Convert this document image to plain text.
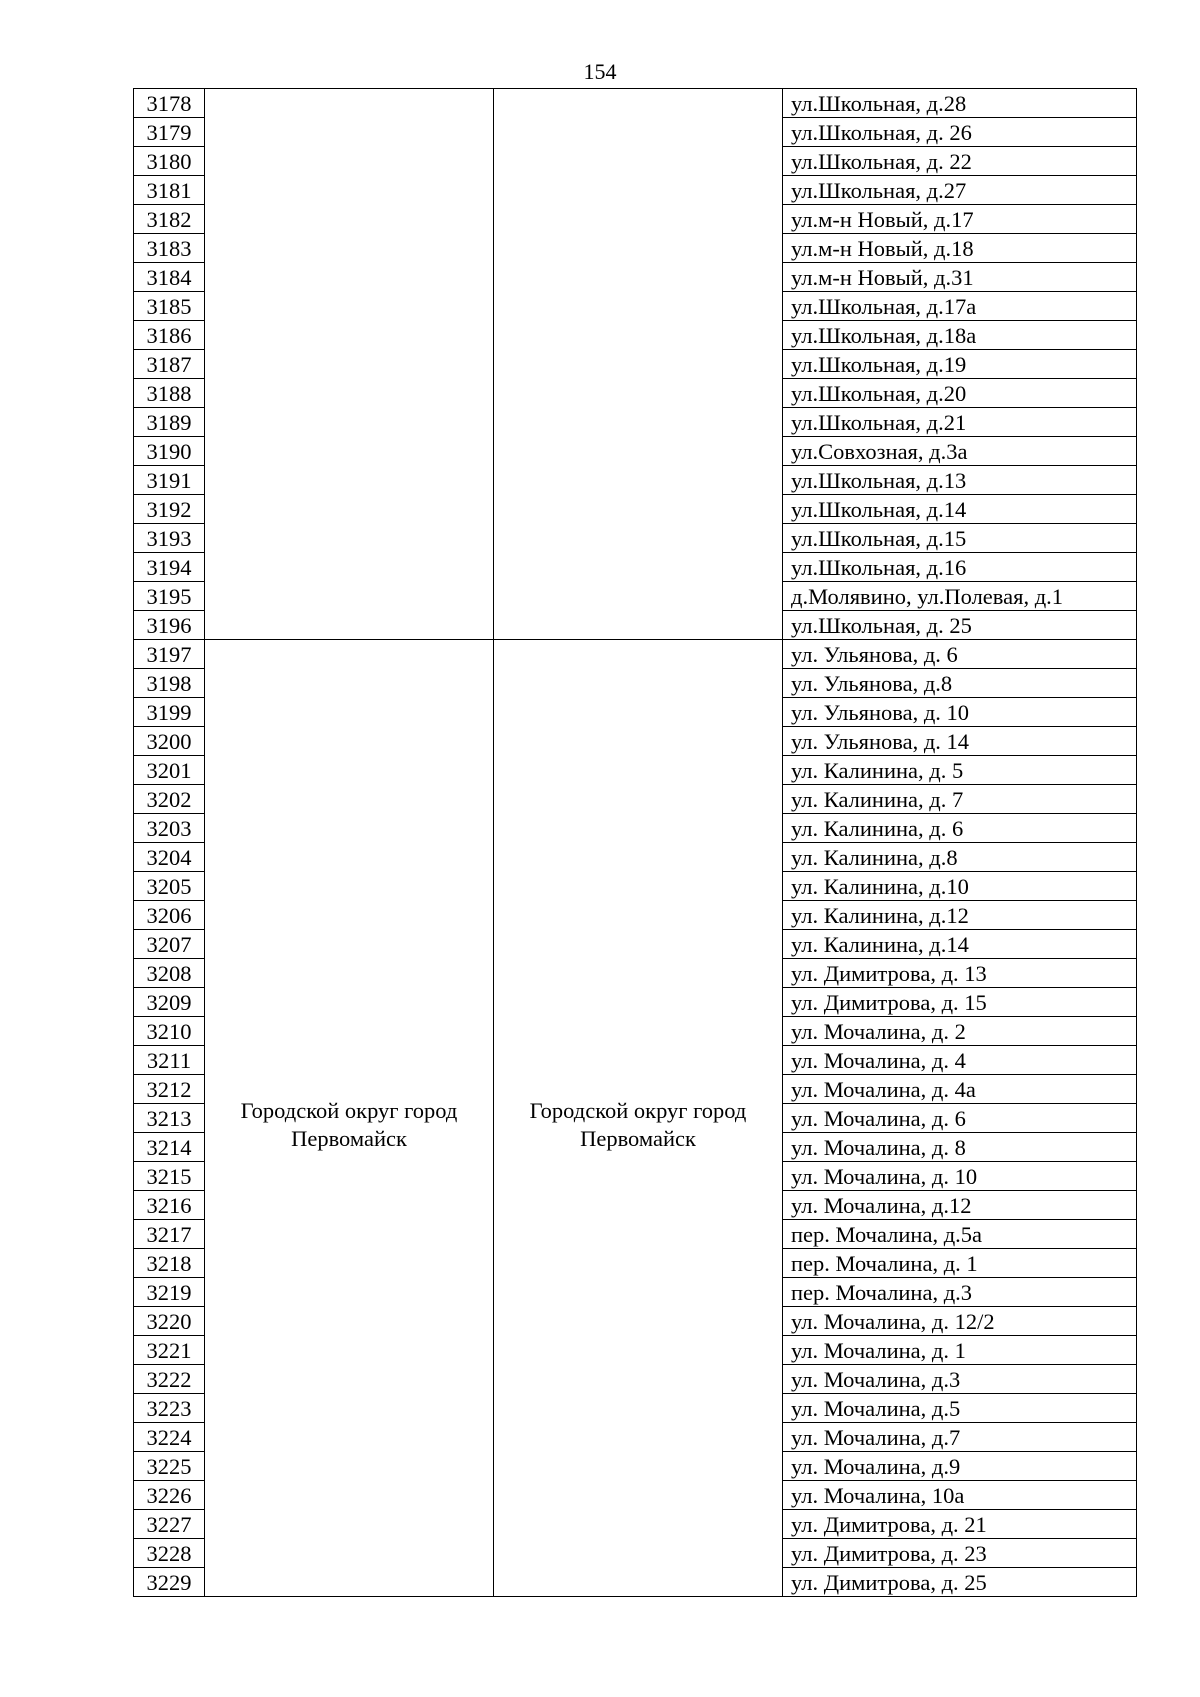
154
3178			ул.Школьная, д.28
3179			ул.Школьная, д. 26
3180			ул.Школьная, д. 22
3181			ул.Школьная, д.27
3182			ул.м-н Новый, д.17
3183			ул.м-н Новый, д.18
3184			ул.м-н Новый, д.31
3185			ул.Школьная, д.17а
3186			ул.Школьная, д.18а
3187			ул.Школьная, д.19
3188			ул.Школьная, д.20
3189			ул.Школьная, д.21
3190			ул.Совхозная, д.3а
3191			ул.Школьная, д.13
3192			ул.Школьная, д.14
3193			ул.Школьная, д.15
3194			ул.Школьная, д.16
3195			д.Молявино, ул.Полевая, д.1
3196			ул.Школьная, д. 25
3197	Городской округ город Первомайск	Городской округ город Первомайск	ул. Ульянова, д. 6
3198			ул. Ульянова, д.8
3199			ул. Ульянова, д. 10
3200			ул. Ульянова, д. 14
3201			ул. Калинина, д. 5
3202			ул. Калинина, д. 7
3203			ул. Калинина, д. 6
3204			ул. Калинина, д.8
3205			ул. Калинина, д.10
3206			ул. Калинина, д.12
3207			ул. Калинина, д.14
3208			ул. Димитрова, д. 13
3209			ул. Димитрова, д. 15
3210			ул. Мочалина, д. 2
3211			ул. Мочалина, д. 4
3212			ул. Мочалина, д. 4а
3213			ул. Мочалина, д. 6
3214			ул. Мочалина, д. 8
3215			ул. Мочалина, д. 10
3216			ул. Мочалина, д.12
3217			пер. Мочалина, д.5а
3218			пер. Мочалина, д. 1
3219			пер. Мочалина, д.3
3220			ул. Мочалина, д. 12/2
3221			ул. Мочалина, д. 1
3222			ул. Мочалина, д.3
3223			ул. Мочалина, д.5
3224			ул. Мочалина, д.7
3225			ул. Мочалина, д.9
3226			ул. Мочалина, 10а
3227			ул. Димитрова, д. 21
3228			ул. Димитрова, д. 23
3229			ул. Димитрова, д. 25
